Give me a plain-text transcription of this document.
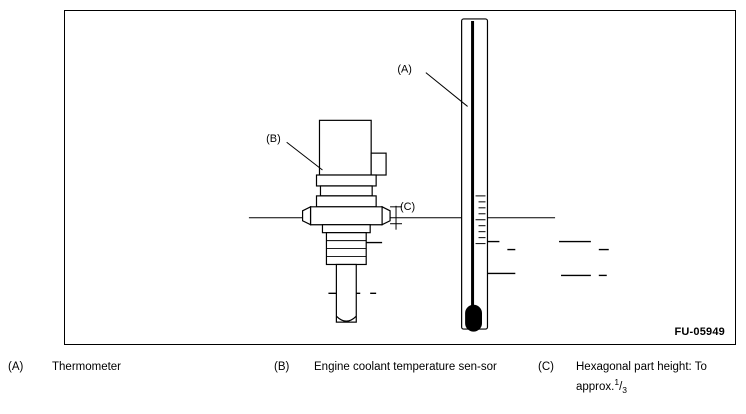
(A)
(B)
(C)
FU-05949
(A) Thermometer	(B) Engine coolant temperature sen-sor	(C) Hexagonal part height: To
$approx.^1/_3$
